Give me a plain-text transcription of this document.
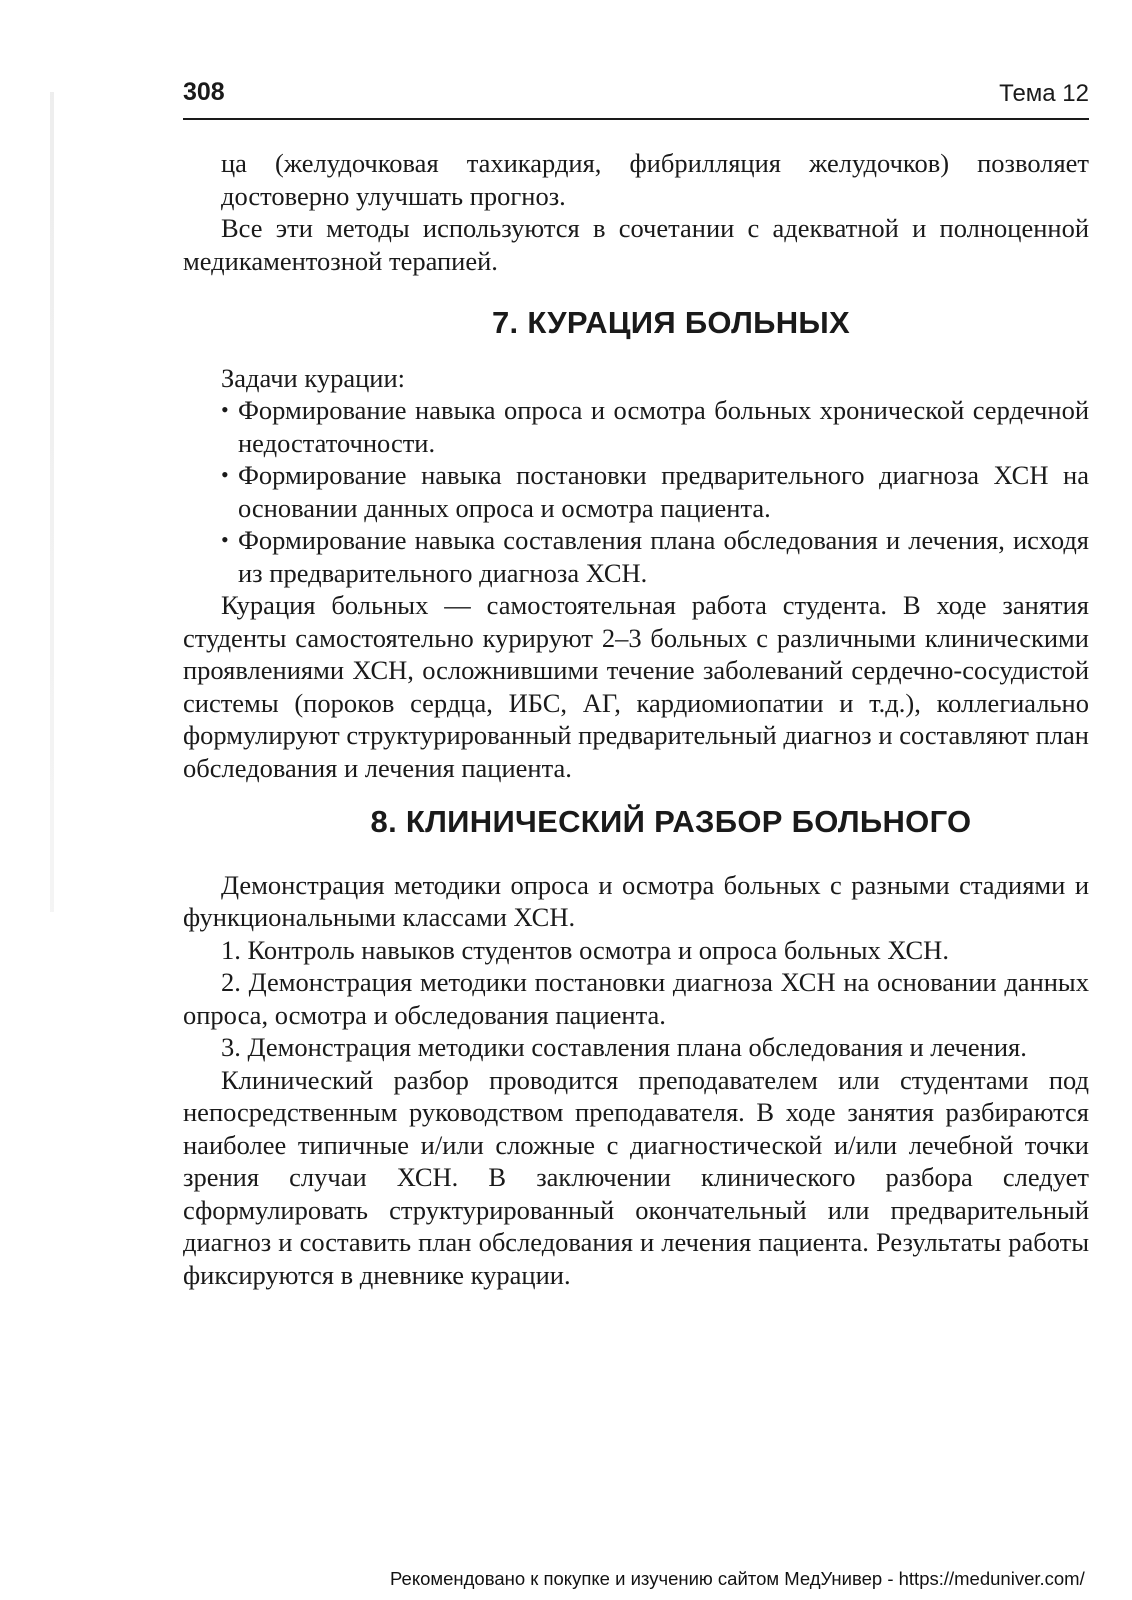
308	Тема 12

ца (желудочковая тахикардия, фибрилляция желудочков) позволяет достоверно улучшать прогноз.

Все эти методы используются в сочетании с адекватной и полноценной медикаментозной терапией.

7. КУРАЦИЯ БОЛЬНЫХ

Задачи курации:

• Формирование навыка опроса и осмотра больных хронической сердечной недостаточности.
• Формирование навыка постановки предварительного диагноза ХСН на основании данных опроса и осмотра пациента.
• Формирование навыка составления плана обследования и лечения, исходя из предварительного диагноза ХСН.

Курация больных — самостоятельная работа студента. В ходе занятия студенты самостоятельно курируют 2–3 больных с различными клиническими проявлениями ХСН, осложнившими течение заболеваний сердечно-сосудистой системы (пороков сердца, ИБС, АГ, кардиомиопатии и т.д.), коллегиально формулируют структурированный предварительный диагноз и составляют план обследования и лечения пациента.

8. КЛИНИЧЕСКИЙ РАЗБОР БОЛЬНОГО

Демонстрация методики опроса и осмотра больных с разными стадиями и функциональными классами ХСН.

1. Контроль навыков студентов осмотра и опроса больных ХСН.

2. Демонстрация методики постановки диагноза ХСН на основании данных опроса, осмотра и обследования пациента.

3. Демонстрация методики составления плана обследования и лечения.

Клинический разбор проводится преподавателем или студентами под непосредственным руководством преподавателя. В ходе занятия разбираются наиболее типичные и/или сложные с диагностической и/или лечебной точки зрения случаи ХСН. В заключении клинического разбора следует сформулировать структурированный окончательный или предварительный диагноз и составить план обследования и лечения пациента. Результаты работы фиксируются в дневнике курации.

Рекомендовано к покупке и изучению сайтом МедУнивер - https://meduniver.com/
